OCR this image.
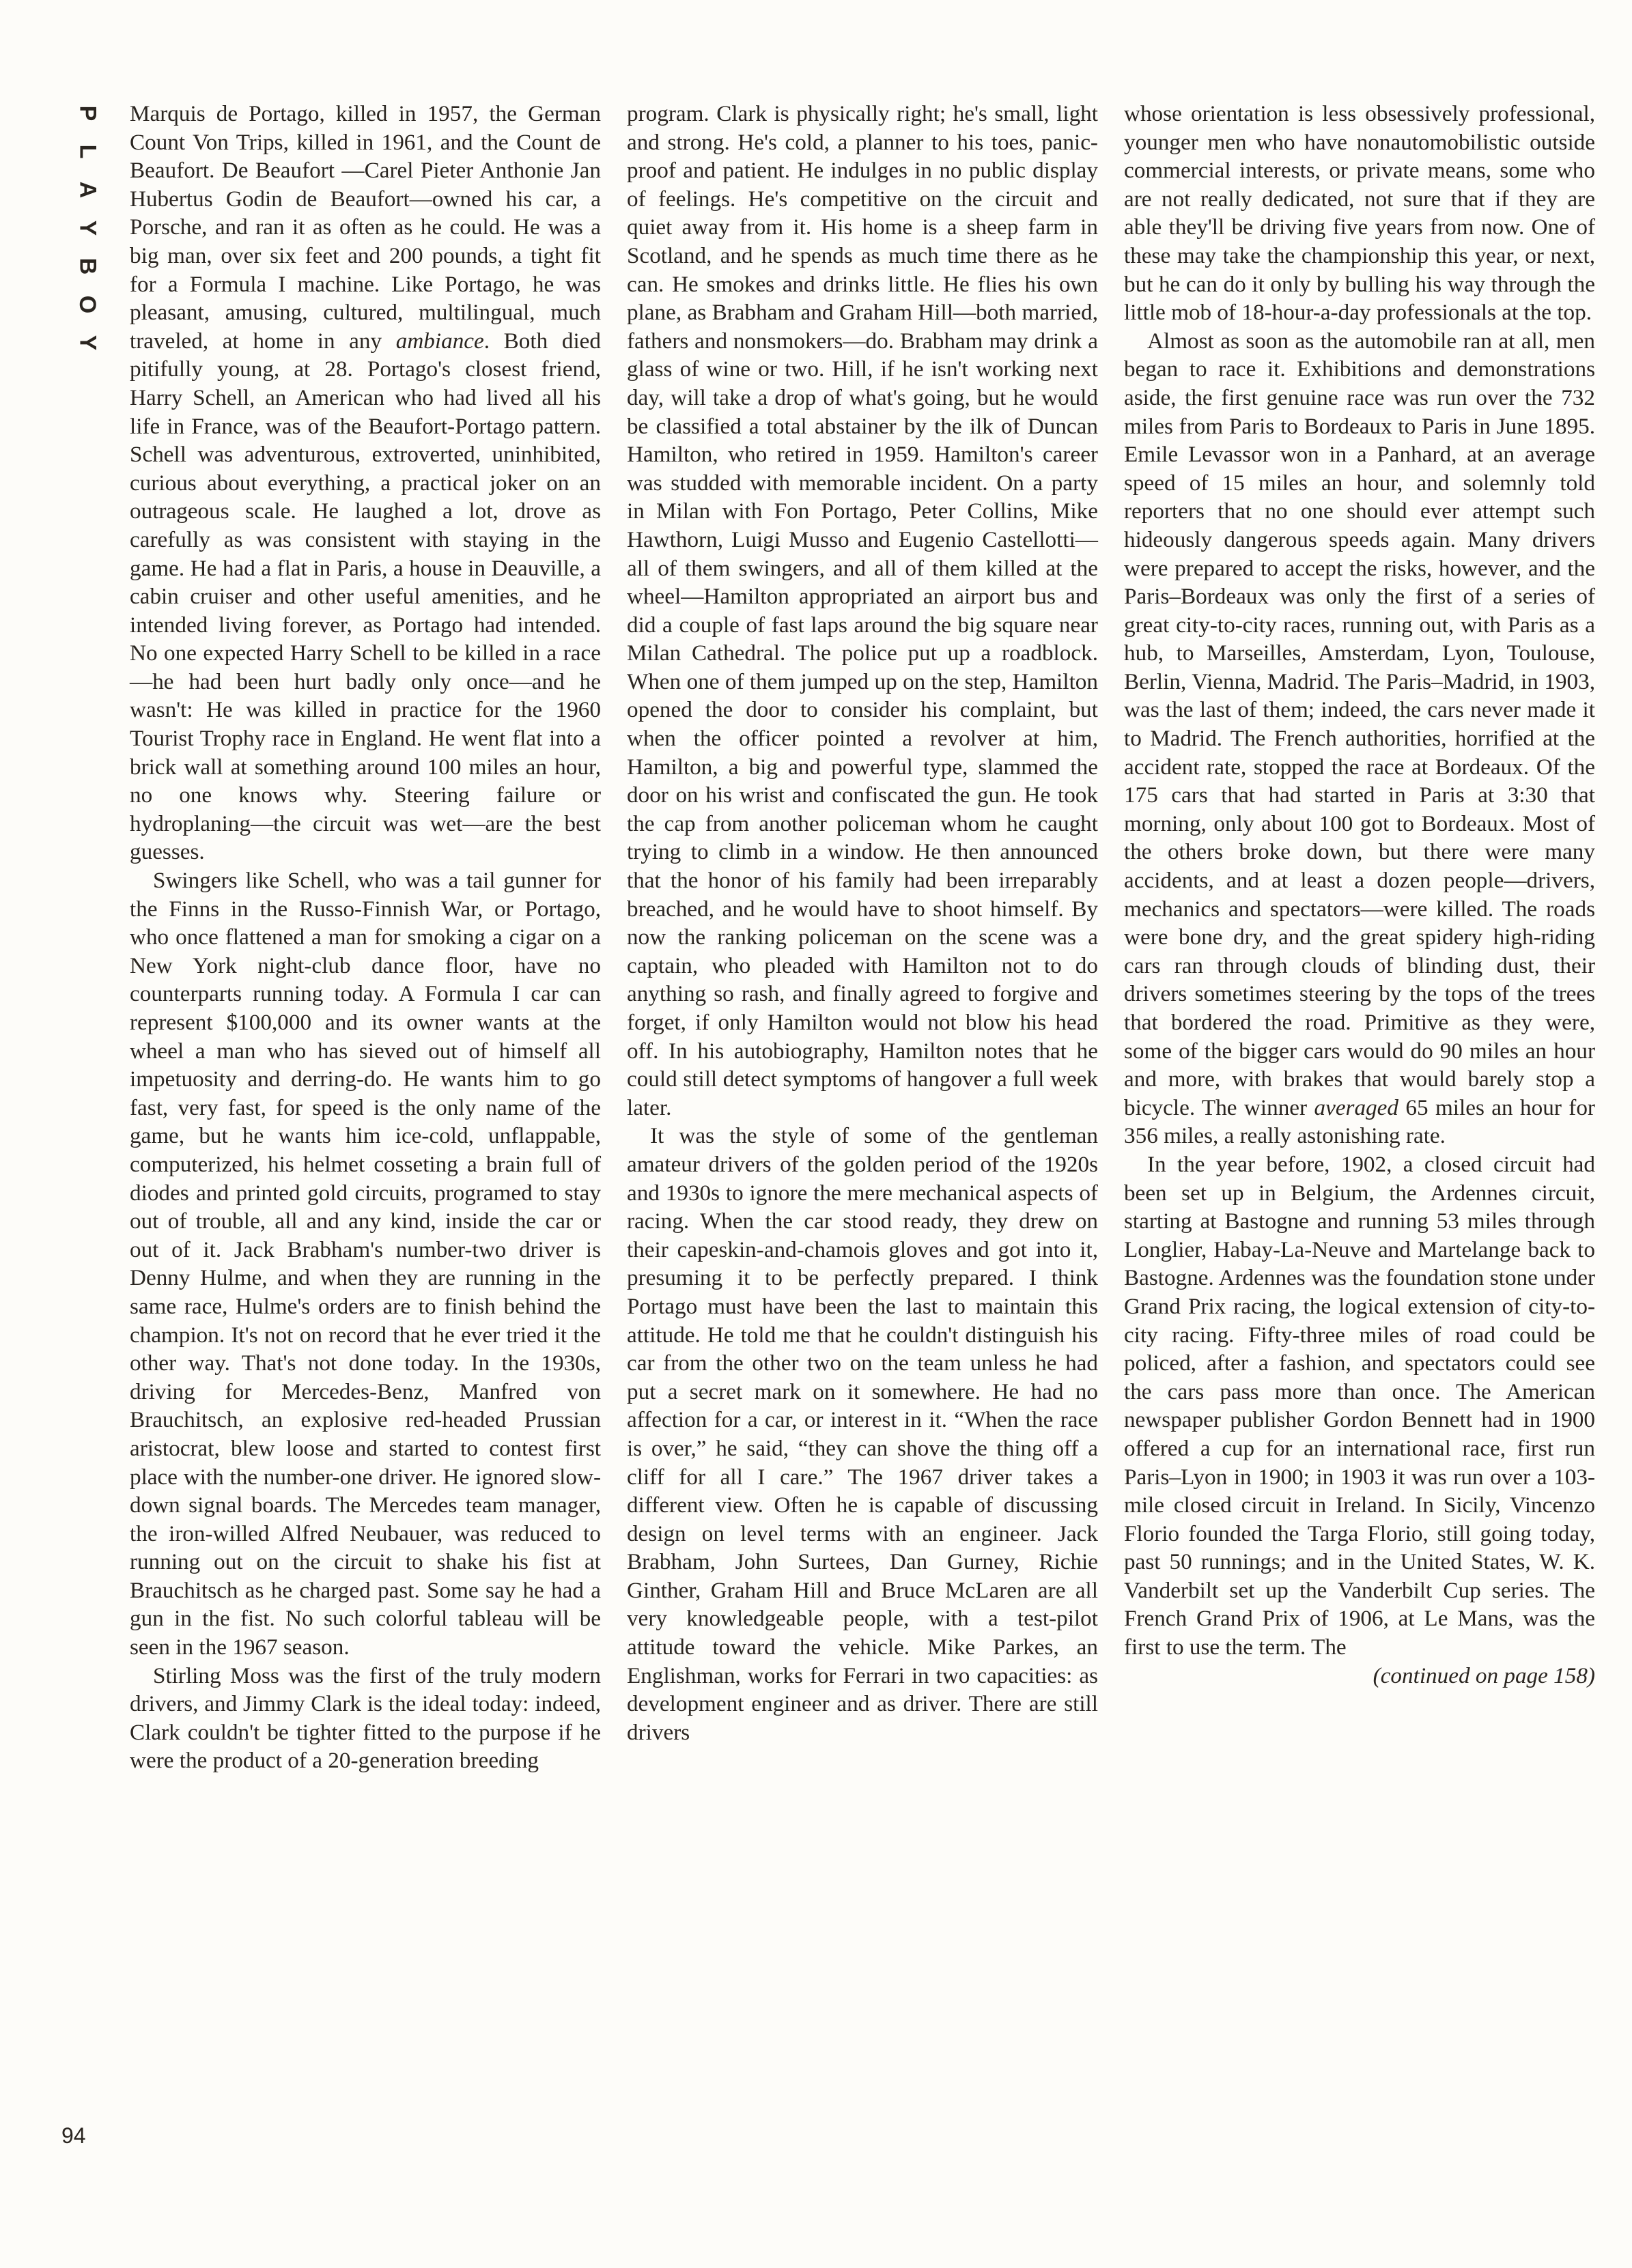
P
L
A
Y
B
O
Y

Marquis de Portago, killed in 1957, the German Count Von Trips, killed in 1961, and the Count de Beaufort. De Beaufort —Carel Pieter Anthonie Jan Hubertus Godin de Beaufort—owned his car, a Porsche, and ran it as often as he could. He was a big man, over six feet and 200 pounds, a tight fit for a Formula I machine. Like Portago, he was pleasant, amusing, cultured, multilingual, much traveled, at home in any ambiance. Both died pitifully young, at 28. Portago's closest friend, Harry Schell, an American who had lived all his life in France, was of the Beaufort-Portago pattern. Schell was adventurous, extroverted, uninhibited, curious about everything, a practical joker on an outrageous scale. He laughed a lot, drove as carefully as was consistent with staying in the game. He had a flat in Paris, a house in Deauville, a cabin cruiser and other useful amenities, and he intended living forever, as Portago had intended. No one expected Harry Schell to be killed in a race—he had been hurt badly only once—and he wasn't: He was killed in practice for the 1960 Tourist Trophy race in England. He went flat into a brick wall at something around 100 miles an hour, no one knows why. Steering failure or hydroplaning—the circuit was wet—are the best guesses.

Swingers like Schell, who was a tail gunner for the Finns in the Russo-Finnish War, or Portago, who once flattened a man for smoking a cigar on a New York night-club dance floor, have no counterparts running today. A Formula I car can represent $100,000 and its owner wants at the wheel a man who has sieved out of himself all impetuosity and derring-do. He wants him to go fast, very fast, for speed is the only name of the game, but he wants him ice-cold, unflappable, computerized, his helmet cosseting a brain full of diodes and printed gold circuits, programed to stay out of trouble, all and any kind, inside the car or out of it. Jack Brabham's number-two driver is Denny Hulme, and when they are running in the same race, Hulme's orders are to finish behind the champion. It's not on record that he ever tried it the other way. That's not done today. In the 1930s, driving for Mercedes-Benz, Manfred von Brauchitsch, an explosive red-headed Prussian aristocrat, blew loose and started to contest first place with the number-one driver. He ignored slow-down signal boards. The Mercedes team manager, the iron-willed Alfred Neubauer, was reduced to running out on the circuit to shake his fist at Brauchitsch as he charged past. Some say he had a gun in the fist. No such colorful tableau will be seen in the 1967 season.

Stirling Moss was the first of the truly modern drivers, and Jimmy Clark is the ideal today: indeed, Clark couldn't be tighter fitted to the purpose if he were the product of a 20-generation breeding

program. Clark is physically right; he's small, light and strong. He's cold, a planner to his toes, panic-proof and patient. He indulges in no public display of feelings. He's competitive on the circuit and quiet away from it. His home is a sheep farm in Scotland, and he spends as much time there as he can. He smokes and drinks little. He flies his own plane, as Brabham and Graham Hill—both married, fathers and nonsmokers—do. Brabham may drink a glass of wine or two. Hill, if he isn't working next day, will take a drop of what's going, but he would be classified a total abstainer by the ilk of Duncan Hamilton, who retired in 1959. Hamilton's career was studded with memorable incident. On a party in Milan with Fon Portago, Peter Collins, Mike Hawthorn, Luigi Musso and Eugenio Castellotti—all of them swingers, and all of them killed at the wheel—Hamilton appropriated an airport bus and did a couple of fast laps around the big square near Milan Cathedral. The police put up a roadblock. When one of them jumped up on the step, Hamilton opened the door to consider his complaint, but when the officer pointed a revolver at him, Hamilton, a big and powerful type, slammed the door on his wrist and confiscated the gun. He took the cap from another policeman whom he caught trying to climb in a window. He then announced that the honor of his family had been irreparably breached, and he would have to shoot himself. By now the ranking policeman on the scene was a captain, who pleaded with Hamilton not to do anything so rash, and finally agreed to forgive and forget, if only Hamilton would not blow his head off. In his autobiography, Hamilton notes that he could still detect symptoms of hangover a full week later.

It was the style of some of the gentleman amateur drivers of the golden period of the 1920s and 1930s to ignore the mere mechanical aspects of racing. When the car stood ready, they drew on their capeskin-and-chamois gloves and got into it, presuming it to be perfectly prepared. I think Portago must have been the last to maintain this attitude. He told me that he couldn't distinguish his car from the other two on the team unless he had put a secret mark on it somewhere. He had no affection for a car, or interest in it. “When the race is over,” he said, “they can shove the thing off a cliff for all I care.” The 1967 driver takes a different view. Often he is capable of discussing design on level terms with an engineer. Jack Brabham, John Surtees, Dan Gurney, Richie Ginther, Graham Hill and Bruce McLaren are all very knowledgeable people, with a test-pilot attitude toward the vehicle. Mike Parkes, an Englishman, works for Ferrari in two capacities: as development engineer and as driver. There are still drivers

whose orientation is less obsessively professional, younger men who have nonautomobilistic outside commercial interests, or private means, some who are not really dedicated, not sure that if they are able they'll be driving five years from now. One of these may take the championship this year, or next, but he can do it only by bulling his way through the little mob of 18-hour-a-day professionals at the top.

Almost as soon as the automobile ran at all, men began to race it. Exhibitions and demonstrations aside, the first genuine race was run over the 732 miles from Paris to Bordeaux to Paris in June 1895. Emile Levassor won in a Panhard, at an average speed of 15 miles an hour, and solemnly told reporters that no one should ever attempt such hideously dangerous speeds again. Many drivers were prepared to accept the risks, however, and the Paris–Bordeaux was only the first of a series of great city-to-city races, running out, with Paris as a hub, to Marseilles, Amsterdam, Lyon, Toulouse, Berlin, Vienna, Madrid. The Paris–Madrid, in 1903, was the last of them; indeed, the cars never made it to Madrid. The French authorities, horrified at the accident rate, stopped the race at Bordeaux. Of the 175 cars that had started in Paris at 3:30 that morning, only about 100 got to Bordeaux. Most of the others broke down, but there were many accidents, and at least a dozen people—drivers, mechanics and spectators—were killed. The roads were bone dry, and the great spidery high-riding cars ran through clouds of blinding dust, their drivers sometimes steering by the tops of the trees that bordered the road. Primitive as they were, some of the bigger cars would do 90 miles an hour and more, with brakes that would barely stop a bicycle. The winner averaged 65 miles an hour for 356 miles, a really astonishing rate.

In the year before, 1902, a closed circuit had been set up in Belgium, the Ardennes circuit, starting at Bastogne and running 53 miles through Longlier, Habay-La-Neuve and Martelange back to Bastogne. Ardennes was the foundation stone under Grand Prix racing, the logical extension of city-to-city racing. Fifty-three miles of road could be policed, after a fashion, and spectators could see the cars pass more than once. The American newspaper publisher Gordon Bennett had in 1900 offered a cup for an international race, first run Paris–Lyon in 1900; in 1903 it was run over a 103-mile closed circuit in Ireland. In Sicily, Vincenzo Florio founded the Targa Florio, still going today, past 50 runnings; and in the United States, W. K. Vanderbilt set up the Vanderbilt Cup series. The French Grand Prix of 1906, at Le Mans, was the first to use the term. The

(continued on page 158)
94
